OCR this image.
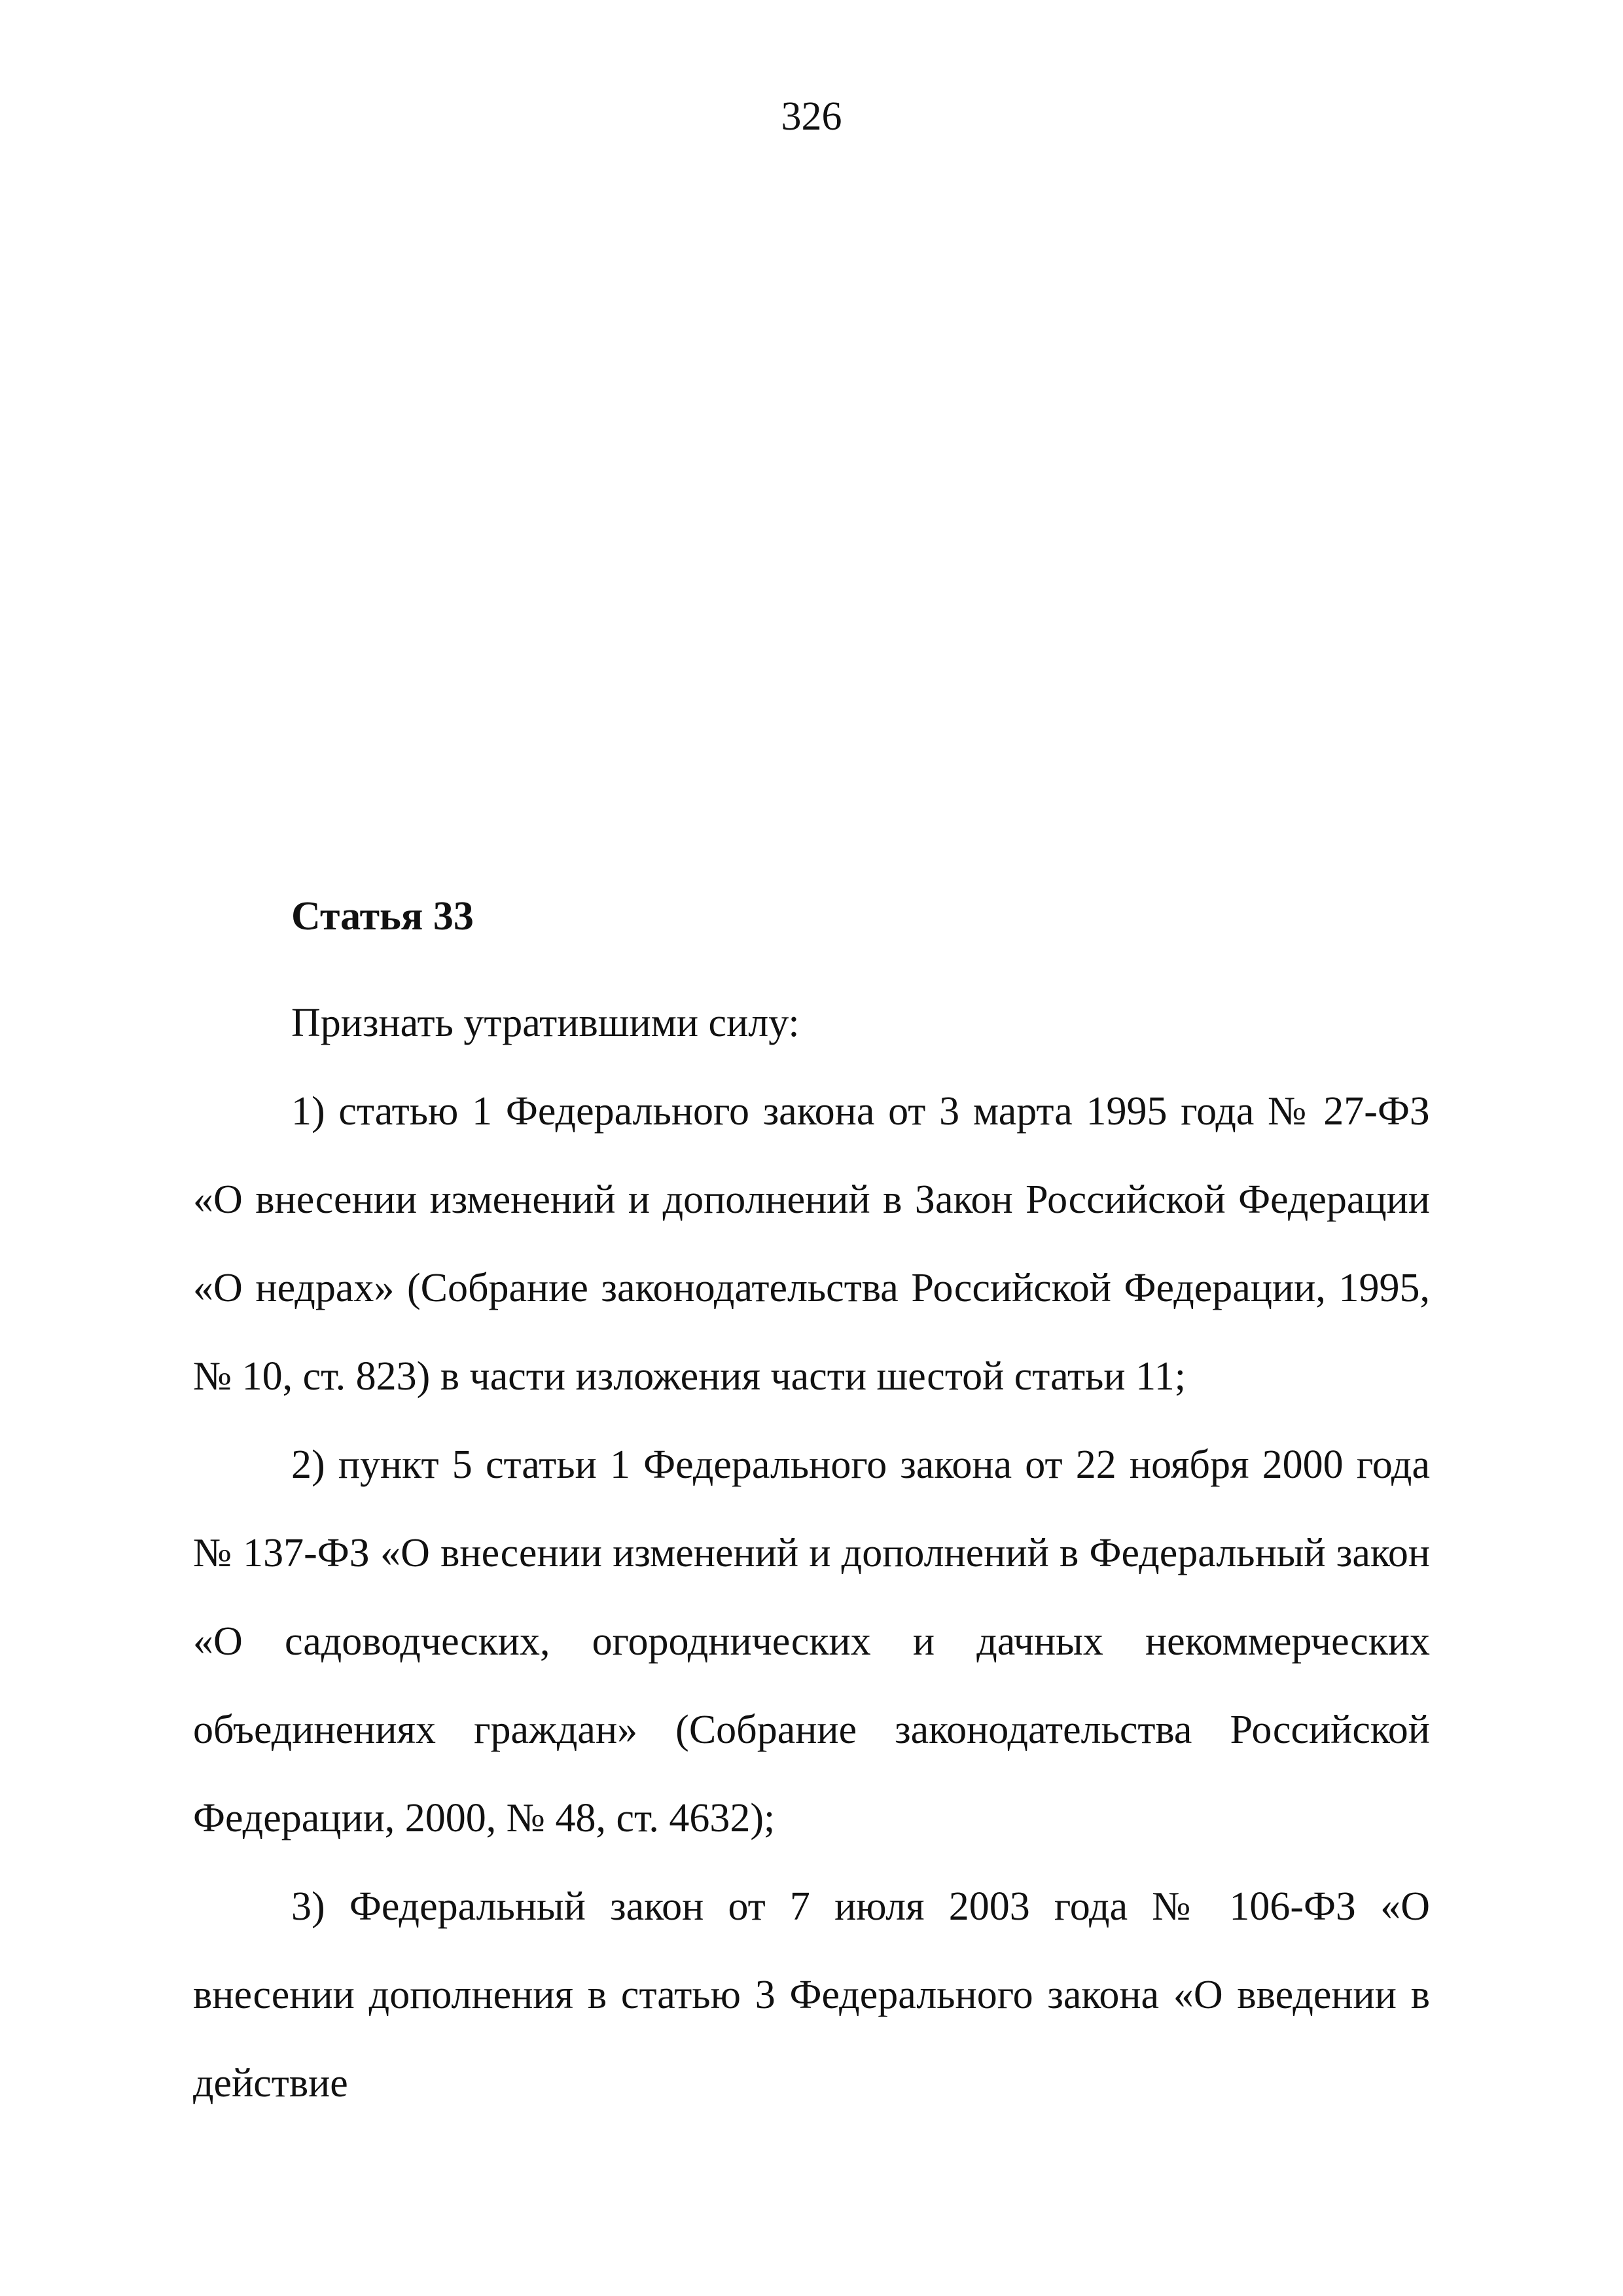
326

Статья 33

Признать утратившими силу:

1) статью 1 Федерального закона от 3 марта 1995 года № 27-ФЗ «О внесении изменений и дополнений в Закон Российской Федерации «О недрах» (Собрание законодательства Российской Федерации, 1995, № 10, ст. 823) в части изложения части шестой статьи 11;

2) пункт 5 статьи 1 Федерального закона от 22 ноября 2000 года № 137-ФЗ «О внесении изменений и дополнений в Федеральный закон «О садоводческих, огороднических и дачных некоммерческих объединениях граждан» (Собрание законодательства Российской Федерации, 2000, № 48, ст. 4632);

3) Федеральный закон от 7 июля 2003 года № 106-ФЗ «О внесении дополнения в статью 3 Федерального закона «О введении в действие
